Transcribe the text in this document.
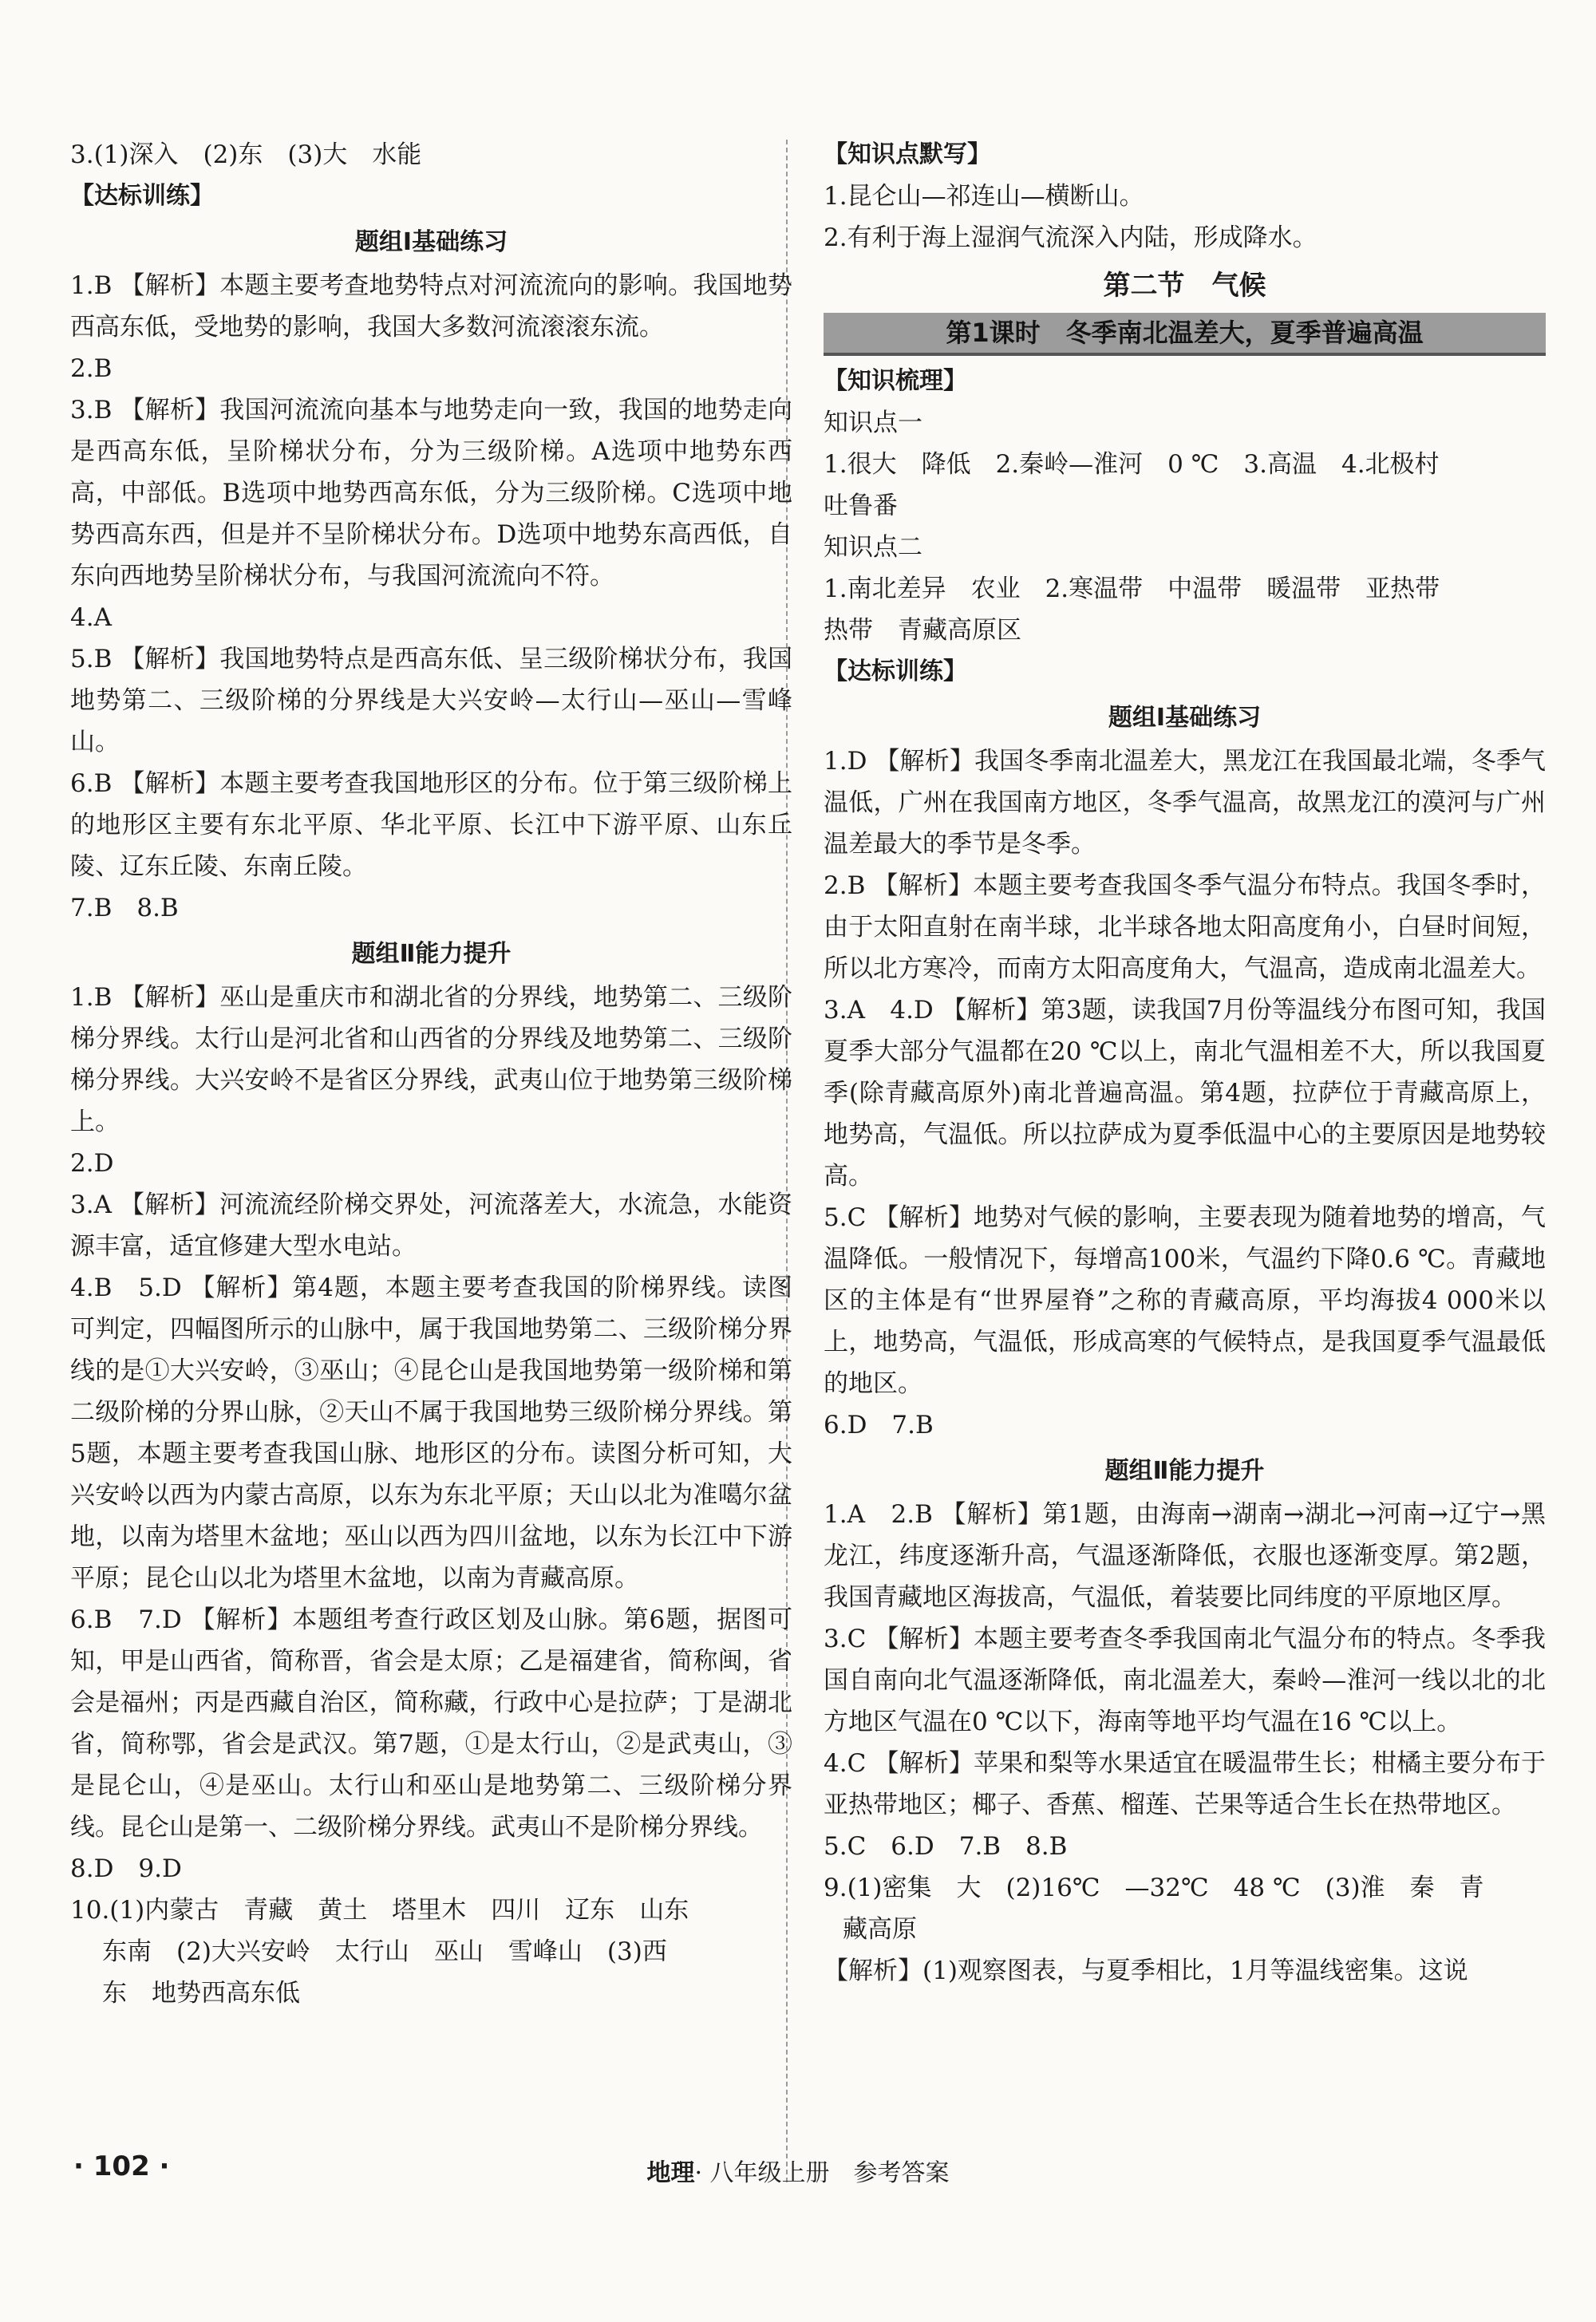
3.(1)深入　(2)东　(3)大　水能
【达标训练】
题组Ⅰ基础练习
1.B 【解析】本题主要考查地势特点对河流流向的影响。我国地势西高东低，受地势的影响，我国大多数河流滚滚东流。
2.B
3.B 【解析】我国河流流向基本与地势走向一致，我国的地势走向是西高东低，呈阶梯状分布，分为三级阶梯。A选项中地势东西高，中部低。B选项中地势西高东低，分为三级阶梯。C选项中地势西高东西，但是并不呈阶梯状分布。D选项中地势东高西低，自东向西地势呈阶梯状分布，与我国河流流向不符。
4.A
5.B 【解析】我国地势特点是西高东低、呈三级阶梯状分布，我国地势第二、三级阶梯的分界线是大兴安岭—太行山—巫山—雪峰山。
6.B 【解析】本题主要考查我国地形区的分布。位于第三级阶梯上的地形区主要有东北平原、华北平原、长江中下游平原、山东丘陵、辽东丘陵、东南丘陵。
7.B　8.B
题组Ⅱ能力提升
1.B 【解析】巫山是重庆市和湖北省的分界线，地势第二、三级阶梯分界线。太行山是河北省和山西省的分界线及地势第二、三级阶梯分界线。大兴安岭不是省区分界线，武夷山位于地势第三级阶梯上。
2.D
3.A 【解析】河流流经阶梯交界处，河流落差大，水流急，水能资源丰富，适宜修建大型水电站。
4.B　5.D 【解析】第4题，本题主要考查我国的阶梯界线。读图可判定，四幅图所示的山脉中，属于我国地势第二、三级阶梯分界线的是①大兴安岭，③巫山；④昆仑山是我国地势第一级阶梯和第二级阶梯的分界山脉，②天山不属于我国地势三级阶梯分界线。第5题，本题主要考查我国山脉、地形区的分布。读图分析可知，大兴安岭以西为内蒙古高原，以东为东北平原；天山以北为准噶尔盆地，以南为塔里木盆地；巫山以西为四川盆地，以东为长江中下游平原；昆仑山以北为塔里木盆地，以南为青藏高原。
6.B　7.D 【解析】本题组考查行政区划及山脉。第6题，据图可知，甲是山西省，简称晋，省会是太原；乙是福建省，简称闽，省会是福州；丙是西藏自治区，简称藏，行政中心是拉萨；丁是湖北省，简称鄂，省会是武汉。第7题，①是太行山，②是武夷山，③是昆仑山，④是巫山。太行山和巫山是地势第二、三级阶梯分界线。昆仑山是第一、二级阶梯分界线。武夷山不是阶梯分界线。
8.D　9.D
10.(1)内蒙古　青藏　黄土　塔里木　四川　辽东　山东
东南　(2)大兴安岭　太行山　巫山　雪峰山　(3)西
东　地势西高东低
【知识点默写】
1.昆仑山—祁连山—横断山。
2.有利于海上湿润气流深入内陆，形成降水。
第二节　气候
第1课时　冬季南北温差大，夏季普遍高温
【知识梳理】
知识点一
1.很大　降低　2.秦岭—淮河　0 ℃　3.高温　4.北极村
吐鲁番
知识点二
1.南北差异　农业　2.寒温带　中温带　暖温带　亚热带
热带　青藏高原区
【达标训练】
题组Ⅰ基础练习
1.D 【解析】我国冬季南北温差大，黑龙江在我国最北端，冬季气温低，广州在我国南方地区，冬季气温高，故黑龙江的漠河与广州温差最大的季节是冬季。
2.B 【解析】本题主要考查我国冬季气温分布特点。我国冬季时，由于太阳直射在南半球，北半球各地太阳高度角小，白昼时间短，所以北方寒冷，而南方太阳高度角大，气温高，造成南北温差大。
3.A　4.D 【解析】第3题，读我国7月份等温线分布图可知，我国夏季大部分气温都在20 ℃以上，南北气温相差不大，所以我国夏季(除青藏高原外)南北普遍高温。第4题，拉萨位于青藏高原上，地势高，气温低。所以拉萨成为夏季低温中心的主要原因是地势较高。
5.C 【解析】地势对气候的影响，主要表现为随着地势的增高，气温降低。一般情况下，每增高100米，气温约下降0.6 ℃。青藏地区的主体是有“世界屋脊”之称的青藏高原，平均海拔4 000米以上，地势高，气温低，形成高寒的气候特点，是我国夏季气温最低的地区。
6.D　7.B
题组Ⅱ能力提升
1.A　2.B 【解析】第1题，由海南→湖南→湖北→河南→辽宁→黑龙江，纬度逐渐升高，气温逐渐降低，衣服也逐渐变厚。第2题，我国青藏地区海拔高，气温低，着装要比同纬度的平原地区厚。
3.C 【解析】本题主要考查冬季我国南北气温分布的特点。冬季我国自南向北气温逐渐降低，南北温差大，秦岭—淮河一线以北的北方地区气温在0 ℃以下，海南等地平均气温在16 ℃以上。
4.C 【解析】苹果和梨等水果适宜在暖温带生长；柑橘主要分布于亚热带地区；椰子、香蕉、榴莲、芒果等适合生长在热带地区。
5.C　6.D　7.B　8.B
9.(1)密集　大　(2)16℃　—32℃　48 ℃　(3)淮　秦　青
藏高原
【解析】(1)观察图表，与夏季相比，1月等温线密集。这说
· 102 ·	地理· 八年级上册　参考答案
